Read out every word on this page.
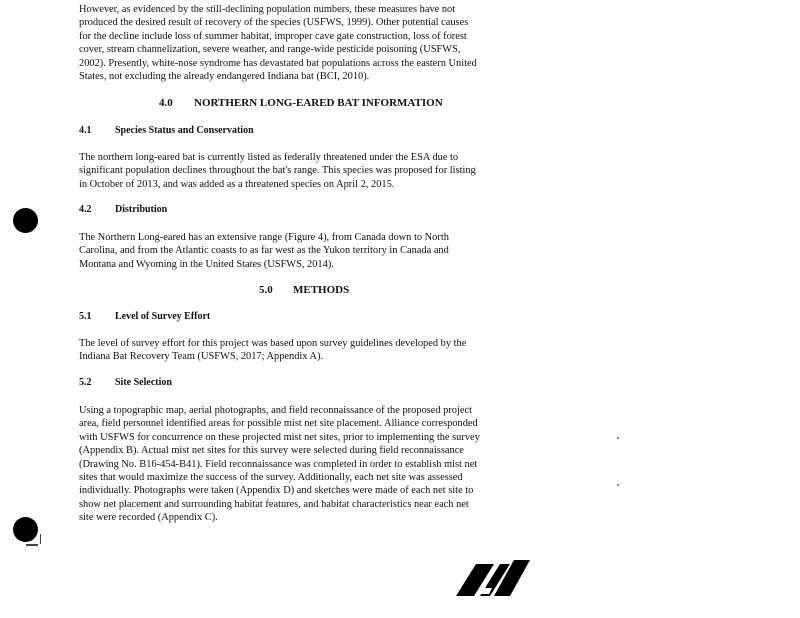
However, as evidenced by the still-declining population numbers, these measures have not
produced the desired result of recovery of the species (USFWS, 1999). Other potential causes
for the decline include loss of summer habitat, improper cave gate construction, loss of forest
cover, stream channelization, severe weather, and range-wide pesticide poisoning (USFWS,
2002). Presently, white-nose syndrome has devastated bat populations across the eastern United
States, not excluding the already endangered Indiana bat (BCI, 2010).

4.0 NORTHERN LONG-EARED BAT INFORMATION
4.1 Species Status and Conservation

The northern long-eared bat is currently listed as federally threatened under the ESA due to
significant population declines throughout the bat's range. This species was proposed for listing
in October of 2013, and was added as a threatened species on April 2, 2015.

4.2 Distribution

The Northern Long-eared has an extensive range (Figure 4), from Canada down to North
Carolina, and from the Atlantic coasts to as far west as the Yukon territory in Canada and
Montana and Wyoming in the United States (USFWS, 2014).

5.0 METHODS
5.1 Level of Survey Effort

The level of survey effort for this project was based upon survey guidelines developed by the
Indiana Bat Recovery Team (USFWS, 2017; Appendix A).

5.2 Site Selection

Using a topographic map, aerial photographs, and field reconnaissance of the proposed project
area, field personnel identified areas for possible mist net site placement. Alliance corresponded
with USFWS for concurrence on these projected mist net sites, prior to implementing the survey
(Appendix B). Actual mist net sites for this survey were selected during field reconnaissance
(Drawing No. B16-454-B41). Field reconnaissance was completed in order to establish mist net
sites that would maximize the success of the survey. Additionally, each net site was assessed
individually. Photographs were taken (Appendix D) and sketches were made of each net site to
show net placement and surrounding habitat features, and habitat characteristics near each net
site were recorded (Appendix C).
